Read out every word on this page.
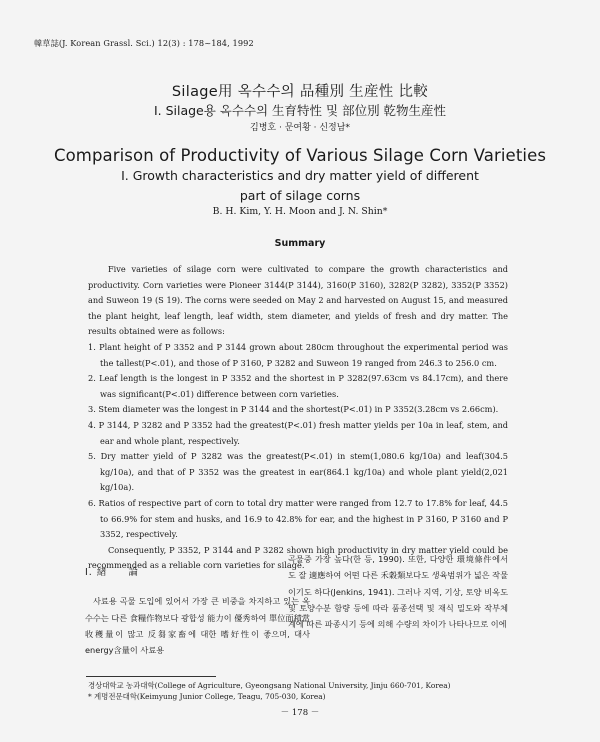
韓草誌(J. Korean Grassl. Sci.) 12(3) : 178~184, 1992
Silage用 옥수수의 品種別 生産性 比較
Ⅰ. Silage용 옥수수의 生育特性 및 部位別 乾物生産性
김병호 · 문여황 · 신정남*
Comparison of Productivity of Various Silage Corn Varieties
Ⅰ. Growth characteristics and dry matter yield of different
part of silage corns
B. H. Kim, Y. H. Moon and J. N. Shin*
Summary

Five varieties of silage corn were cultivated to compare the growth characteristics and productivity. Corn varieties were Pioneer 3144(P 3144), 3160(P 3160), 3282(P 3282), 3352(P 3352) and Suweon 19 (S 19). The corns were seeded on May 2 and harvested on August 15, and measured the plant height, leaf length, leaf width, stem diameter, and yields of fresh and dry matter. The results obtained were as follows:

1. Plant height of P 3352 and P 3144 grown about 280cm throughout the experimental period was the tallest(P<.01), and those of P 3160, P 3282 and Suweon 19 ranged from 246.3 to 256.0 cm.
2. Leaf length is the longest in P 3352 and the shortest in P 3282(97.63cm vs 84.17cm), and there was significant(P<.01) difference between corn varieties.
3. Stem diameter was the longest in P 3144 and the shortest(P<.01) in P 3352(3.28cm vs 2.66cm).
4. P 3144, P 3282 and P 3352 had the greatest(P<.01) fresh matter yields per 10a in leaf, stem, and ear and whole plant, respectively.
5. Dry matter yield of P 3282 was the greatest(P<.01) in stem(1,080.6 kg/10a) and leaf(304.5 kg/10a), and that of P 3352 was the greatest in ear(864.1 kg/10a) and whole plant yield(2,021 kg/10a).
6. Ratios of respective part of corn to total dry matter were ranged from 12.7 to 17.8% for leaf, 44.5 to 66.9% for stem and husks, and 16.9 to 42.8% for ear, and the highest in P 3160, P 3160 and P 3352, respectively.

Consequently, P 3352, P 3144 and P 3282 shown high productivity in dry matter yield could be recommended as a reliable corn varieties for silage.

Ⅰ. 緖　　論

사료용 곡물 도입에 있어서 가장 큰 비중을 차지하고 있는 옥수수는 다른 食糧作物보다 광합성 能力이 優秀하여 單位面積當 收穫量이 많고 反芻家畜에 대한 嗜好性이 좋으며, 대사 energy含量이 사료용

곡물중 가장 높다(한 등, 1990). 또한, 다양한 環境條件에서도 잘 適應하여 어떤 다른 禾穀類보다도 생육범위가 넓은 작물이기도 하다(Jenkins, 1941). 그러나 지역, 기상, 토양 비옥도 및 토양수분 함량 등에 따라 품종선택 및 재식 밀도와 작부체계에 따른 파종시기 등에 의해 수량의 차이가 나타나므로 이에

경상대학교 농과대학(College of Agriculture, Gyeongsang National University, Jinju 660-701, Korea)
* 계명전문대학(Keimyung Junior College, Teagu, 705-030, Korea)
－ 178 －
